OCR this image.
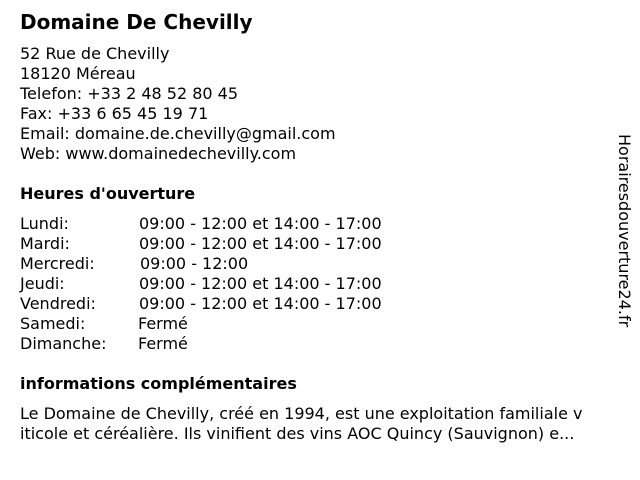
Domaine De Chevilly
52 Rue de Chevilly
18120 Méreau
Telefon: +33 2 48 52 80 45
Fax: +33 6 65 45 19 71
Email: domaine.de.chevilly@gmail.com
Web: www.domainedechevilly.com
Heures d'ouverture
Lundi:	09:00 - 12:00 et 14:00 - 17:00
Mardi:	09:00 - 12:00 et 14:00 - 17:00
Mercredi:	09:00 - 12:00
Jeudi:	09:00 - 12:00 et 14:00 - 17:00
Vendredi:	09:00 - 12:00 et 14:00 - 17:00
Samedi:	Fermé
Dimanche: Fermé
informations complémentaires
Le Domaine de Chevilly, créé en 1994, est une exploitation familiale v
iticole et céréalière. Ils vinifient des vins AOC Quincy (Sauvignon) e...
Horairesdouverture24.fr
